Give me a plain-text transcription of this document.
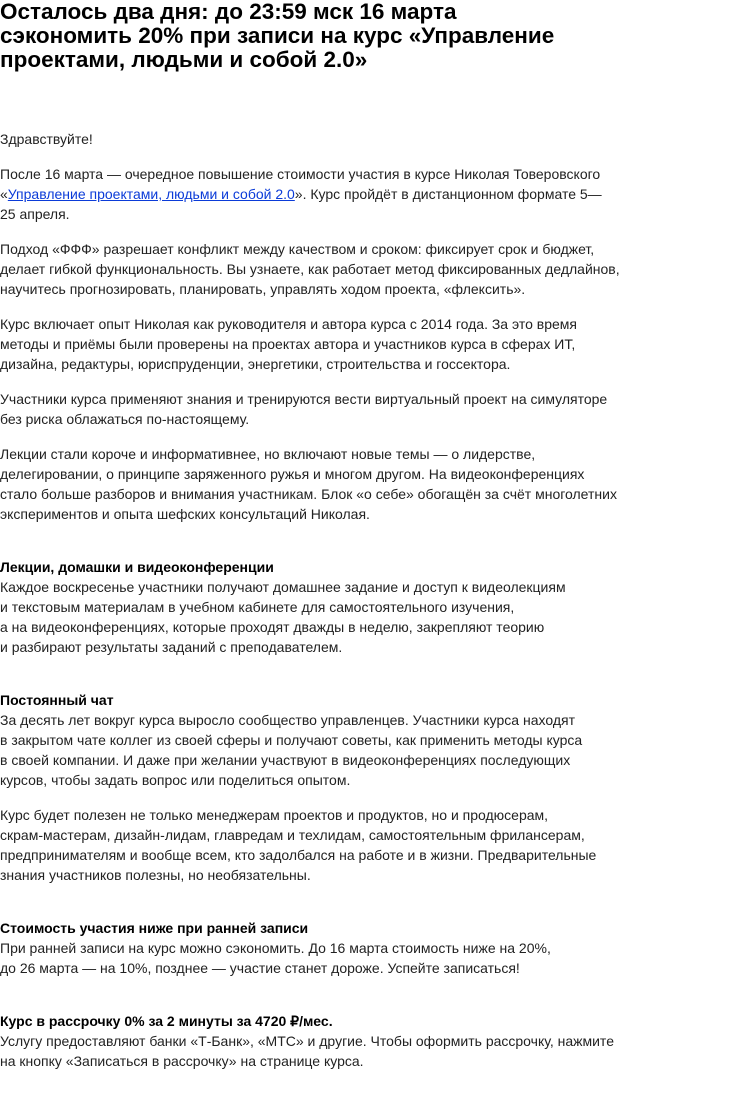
Осталось два дня: до 23:59 мск 16 марта
сэкономить 20% при записи на курс «Управление
проектами, людьми и собой 2.0»

Здравствуйте!

После 16 марта — очередное повышение стоимости участия в курсе Николая Товеровского
«Управление проектами, людьми и собой 2.0». Курс пройдёт в дистанционном формате 5—
25 апреля.

Подход «ФФФ» разрешает конфликт между качеством и сроком: фиксирует срок и бюджет,
делает гибкой функциональность. Вы узнаете, как работает метод фиксированных дедлайнов,
научитесь прогнозировать, планировать, управлять ходом проекта, «флексить».

Курс включает опыт Николая как руководителя и автора курса с 2014 года. За это время
методы и приёмы были проверены на проектах автора и участников курса в сферах ИТ,
дизайна, редактуры, юриспруденции, энергетики, строительства и госсектора.

Участники курса применяют знания и тренируются вести виртуальный проект на симуляторе
без риска облажаться по-настоящему.

Лекции стали короче и информативнее, но включают новые темы — о лидерстве,
делегировании, о принципе заряженного ружья и многом другом. На видеоконференциях
стало больше разборов и внимания участникам. Блок «о себе» обогащён за счёт многолетних
экспериментов и опыта шефских консультаций Николая.

Лекции, домашки и видеоконференции
Каждое воскресенье участники получают домашнее задание и доступ к видеолекциям
и текстовым материалам в учебном кабинете для самостоятельного изучения,
а на видеоконференциях, которые проходят дважды в неделю, закрепляют теорию
и разбирают результаты заданий с преподавателем.

Постоянный чат
За десять лет вокруг курса выросло сообщество управленцев. Участники курса находят
в закрытом чате коллег из своей сферы и получают советы, как применить методы курса
в своей компании. И даже при желании участвуют в видеоконференциях последующих
курсов, чтобы задать вопрос или поделиться опытом.

Курс будет полезен не только менеджерам проектов и продуктов, но и продюсерам,
скрам-мастерам, дизайн-лидам, главредам и техлидам, самостоятельным фрилансерам,
предпринимателям и вообще всем, кто задолбался на работе и в жизни. Предварительные
знания участников полезны, но необязательны.

Стоимость участия ниже при ранней записи
При ранней записи на курс можно сэкономить. До 16 марта стоимость ниже на 20%,
до 26 марта — на 10%, позднее — участие станет дороже. Успейте записаться!

Курс в рассрочку 0% за 2 минуты за 4720 ₽/мес.
Услугу предоставляют банки «Т-Банк», «МТС» и другие. Чтобы оформить рассрочку, нажмите
на кнопку «Записаться в рассрочку» на странице курса.
